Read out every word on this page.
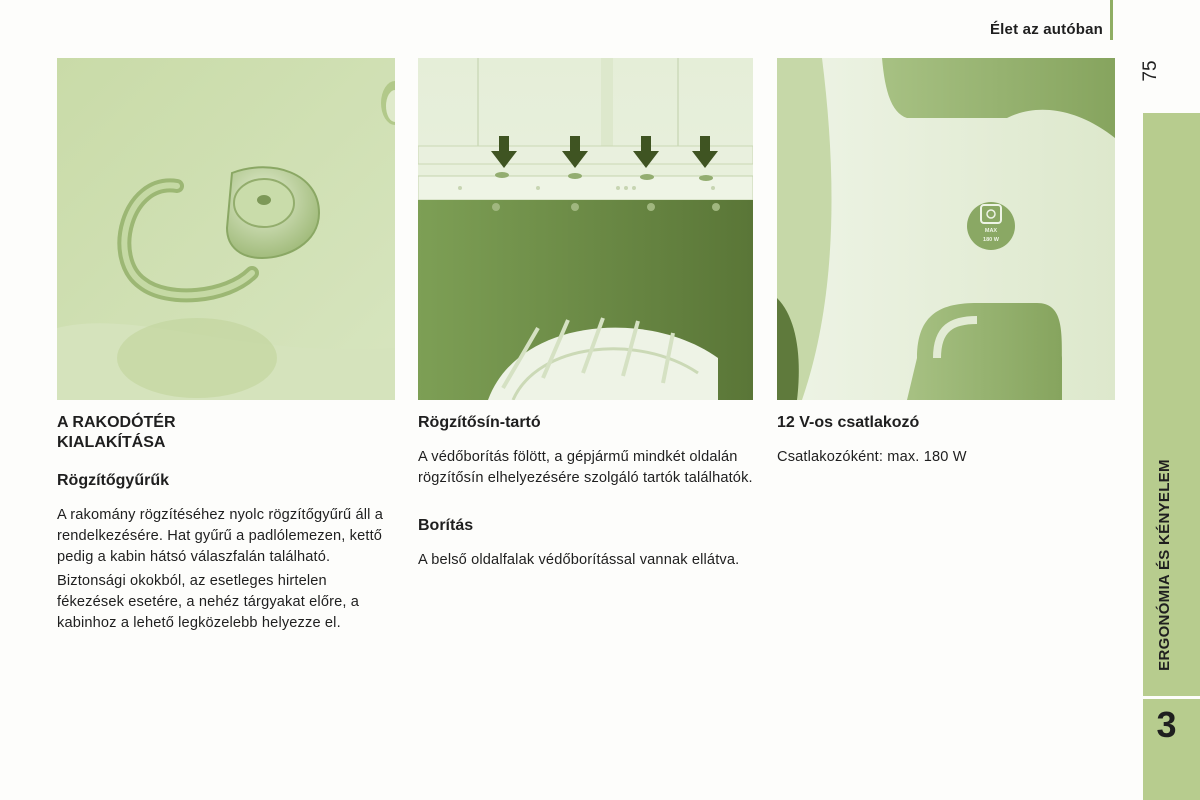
Élet az autóban
75
ERGONÓMIA ÉS KÉNYELEM
3
MAX
180 W
A RAKODÓTÉR KIALAKÍTÁSA
Rögzítőgyűrűk

A rakomány rögzítéséhez nyolc rögzítőgyűrű áll a rendelkezésére. Hat gyűrű a padlólemezen, kettő pedig a kabin hátsó válaszfalán található.

Biztonsági okokból, az esetleges hirtelen fékezések esetére, a nehéz tárgyakat előre, a kabinhoz a lehető legközelebb helyezze el.

Rögzítősín-tartó

A védőborítás fölött, a gépjármű mindkét oldalán rögzítősín elhelyezésére szolgáló tartók találhatók.

Borítás

A belső oldalfalak védőborítással vannak ellátva.

12 V-os csatlakozó

Csatlakozóként: max. 180 W
